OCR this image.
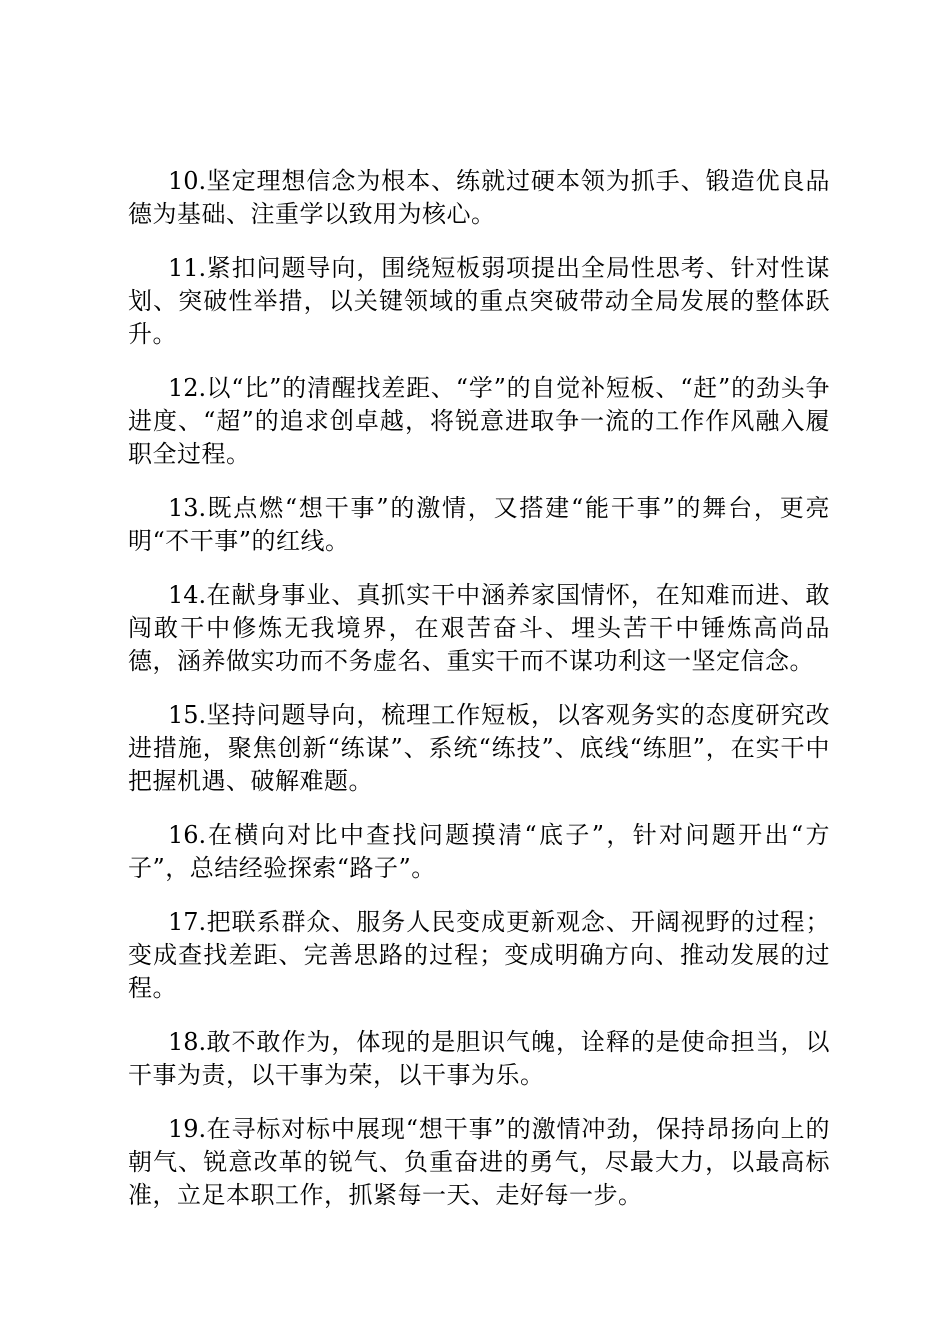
10.坚定理想信念为根本、练就过硬本领为抓手、锻造优良品德为基础、注重学以致用为核心。

11.紧扣问题导向，围绕短板弱项提出全局性思考、针对性谋划、突破性举措，以关键领域的重点突破带动全局发展的整体跃升。

12.以“比”的清醒找差距、“学”的自觉补短板、“赶”的劲头争进度、“超”的追求创卓越，将锐意进取争一流的工作作风融入履职全过程。

13.既点燃“想干事”的激情，又搭建“能干事”的舞台，更亮明“不干事”的红线。

14.在献身事业、真抓实干中涵养家国情怀，在知难而进、敢闯敢干中修炼无我境界，在艰苦奋斗、埋头苦干中锤炼高尚品德，涵养做实功而不务虚名、重实干而不谋功利这一坚定信念。

15.坚持问题导向，梳理工作短板，以客观务实的态度研究改进措施，聚焦创新“练谋”、系统“练技”、底线“练胆”，在实干中把握机遇、破解难题。

16.在横向对比中查找问题摸清“底子”，针对问题开出“方子”，总结经验探索“路子”。

17.把联系群众、服务人民变成更新观念、开阔视野的过程；变成查找差距、完善思路的过程；变成明确方向、推动发展的过程。

18.敢不敢作为，体现的是胆识气魄，诠释的是使命担当，以干事为责，以干事为荣，以干事为乐。

19.在寻标对标中展现“想干事”的激情冲劲，保持昂扬向上的朝气、锐意改革的锐气、负重奋进的勇气，尽最大力，以最高标准，立足本职工作，抓紧每一天、走好每一步。
